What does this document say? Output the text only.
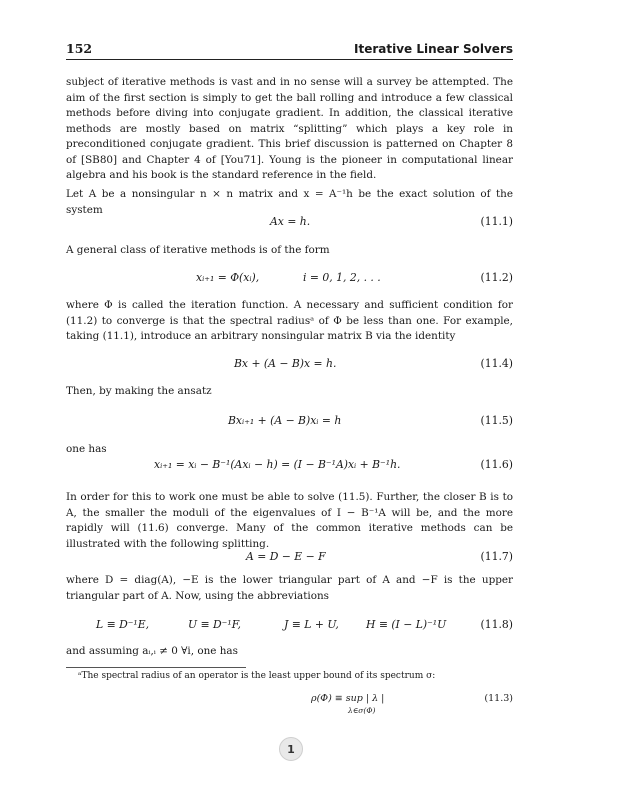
152	Iterative Linear Solvers

subject of iterative methods is vast and in no sense will a survey be attempted. The aim of the first section is simply to get the ball rolling and introduce a few classical methods before diving into conjugate gradient. In addition, the classical iterative methods are mostly based on matrix “splitting” which plays a key role in preconditioned conjugate gradient. This brief discussion is patterned on Chapter 8 of [SB80] and Chapter 4 of [You71]. Young is the pioneer in computational linear algebra and his book is the standard reference in the field.

Let A be a nonsingular n × n matrix and x = A⁻¹h be the exact solution of the system

Ax = h.	(11.1)

A general class of iterative methods is of the form

xᵢ₊₁ = Φ(xᵢ),	i = 0, 1, 2, . . .	(11.2)

where Φ is called the iteration function. A necessary and sufficient condition for (11.2) to converge is that the spectral radiusᵃ of Φ be less than one. For example, taking (11.1), introduce an arbitrary nonsingular matrix B via the identity

Bx + (A − B)x = h.	(11.4)

Then, by making the ansatz

Bxᵢ₊₁ + (A − B)xᵢ = h	(11.5)

one has

xᵢ₊₁ = xᵢ − B⁻¹(Axᵢ − h) = (I − B⁻¹A)xᵢ + B⁻¹h.	(11.6)

In order for this to work one must be able to solve (11.5). Further, the closer B is to A, the smaller the moduli of the eigenvalues of I − B⁻¹A will be, and the more rapidly will (11.6) converge. Many of the common iterative methods can be illustrated with the following splitting.

A = D − E − F	(11.7)

where D = diag(A), −E is the lower triangular part of A and −F is the upper triangular part of A. Now, using the abbreviations

L ≡ D⁻¹E,	U ≡ D⁻¹F,	J ≡ L + U,	H ≡ (I − L)⁻¹U	(11.8)

and assuming aᵢ,ᵢ ≠ 0 ∀i, one has

ᵃThe spectral radius of an operator is the least upper bound of its spectrum σ:
ρ(Φ) ≡ sup | λ |
λ∈σ(Φ)
(11.3)
1
